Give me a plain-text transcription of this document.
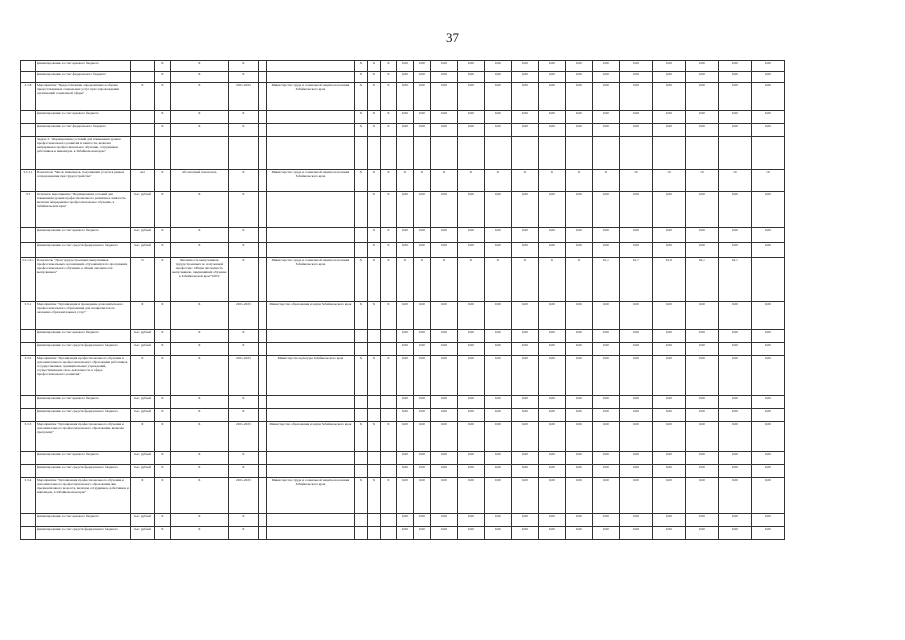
37
	финансирование за счет краевого бюджета		X	X	X			X	X	X	0,00	0,00	0,00	0,00	0,00	0,00	0,00	0,00	0,00	0,00	0,00	0,00	0,00	0,00
	финансирование за счет федерального бюджета		X	X	X			X	X	X	0,00	0,00	0,00	0,00	0,00	0,00	0,00	0,00	0,00	0,00	0,00	0,00	0,00	0,00
2.1.8	Мероприятие "Предоставление определенных и обычно предоставляемых социальных услуг при сопровождении организаций социальной сферы"	X	X	X	2021-2023		Министерство труда и социальной защиты населения Забайкальского края	X	X	X	0,00	0,00	0,00	0,00	0,00	0,00	0,00	0,00	0,00	0,00	0,00	0,00	0,00	0,00
	финансирование за счет краевого бюджета		X	X	X			X	X	X	0,00	0,00	0,00	0,00	0,00	0,00	0,00	0,00	0,00	0,00	0,00	0,00	0,00	0,00
	финансирование за счет федерального бюджета		X	X	X			X	X	X	0,00	0,00	0,00	0,00	0,00	0,00	0,00	0,00	0,00	0,00	0,00	0,00	0,00	0,00
	Задача 3. "Формирование условий для повышения уровня профессионального развития и занятости, включая непрерывное профессиональное обучение, сотрудников, работников и инвалидов, в Забайкальском крае"																							
3.3.1.1	Показатель "Число инвалидов, получивших услуги в рамках сопровождения при трудоустройстве"	чел	Х	абсолютный показатель	X		Министерство труда и социальной защиты населения Забайкальского края	X	X	X	X	X	X	X	X	X	X	X	X	10	10	10	10	10
3.3	Основное мероприятие "Формирование условий для повышения уровня профессионального развития и занятости, включая непрерывное профессиональное обучение, в Забайкальском крае"	тыс. рублей	X	X	X				X	X	0,00	0,00	0,00	0,00	0,00	0,00	0,00	0,00	0,00	0,00	0,00	0,00	0,00	0,00
	финансирование за счет краевого бюджета	тыс. рублей	X	X	X				X	X	0,00	0,00	0,00	0,00	0,00	0,00	0,00	0,00	0,00	0,00	0,00	0,00	0,00	0,00
	финансирование за счет средств федерального бюджета	тыс. рублей	X	X	X				X	X	0,00	0,00	0,00	0,00	0,00	0,00	0,00	0,00	0,00	0,00	0,00	0,00	0,00	0,00
3.3.1.0.1	Показатель "Доля трудоустроенных выпускников профессиональных организаций, обучавшихся по программам профессионального обучения, в общей численности выпускников"	%	X	Численность выпускников, трудоустроенных по полученной профессии / Общая численность выпускников, завершивших обучение в Забайкальском крае*100%	X		Министерство труда и социальной защиты населения Забайкальского края	X	X	X	X	X	X	X	X	X	X	X	61,1	61,7	61,9	62,1	62,1	
3.3.1	Мероприятие "Организация и проведение дополнительного профессионального образования для специалистов по оказанию образовательных услуг"	X	X	X	2021-2023		Министерство образования и науки Забайкальского края	X	X	X	0,00	0,00	0,00	0,00	0,00	0,00	0,00	0,00	0,00	0,00	0,00	0,00	0,00	0,00
	финансирование за счет краевого бюджета	тыс. рублей	X	X	X						0,00	0,00	0,00	0,00	0,00	0,00	0,00	0,00	0,00	0,00	0,00	0,00	0,00	0,00
	финансирование за счет средств федерального бюджета	тыс. рублей	X	X	X						0,00	0,00	0,00	0,00	0,00	0,00	0,00	0,00	0,00	0,00	0,00	0,00	0,00	0,00
3.3.2	Мероприятие "Организация профессионального обучения и дополнительного профессионального образования работников государственных, муниципальных учреждений, осуществляющих свою деятельность в сфере профессионального развития"	X	X	X	2021-2023		Министерство культуры Забайкальского края	X	X	X	0,00	0,00	0,00	0,00	0,00	0,00	0,00	0,00	0,00	0,00	0,00	0,00	0,00	0,00
	финансирование за счет краевого бюджета	тыс. рублей	X	X	X						0,00	0,00	0,00	0,00	0,00	0,00	0,00	0,00	0,00	0,00	0,00	0,00	0,00	0,00
	финансирование за счет средств федерального бюджета	тыс. рублей	X	X	X						0,00	0,00	0,00	0,00	0,00	0,00	0,00	0,00	0,00	0,00	0,00	0,00	0,00	0,00
3.3.3	Мероприятие "Организация профессионального обучения и дополнительного профессионального образования, включая программу"	X	X	X	2021-2023		Министерство образования и науки Забайкальского края	X	X	X	0,00	0,00	0,00	0,00	0,00	0,00	0,00	0,00	0,00	0,00	0,00	0,00	0,00	0,00
	финансирование за счет краевого бюджета	тыс. рублей	X	X	X						0,00	0,00	0,00	0,00	0,00	0,00	0,00	0,00	0,00	0,00	0,00	0,00	0,00	0,00
	финансирование за счет средств федерального бюджета	тыс. рублей	X	X	X						0,00	0,00	0,00	0,00	0,00	0,00	0,00	0,00	0,00	0,00	0,00	0,00	0,00	0,00
3.3.4	Мероприятие "Организация профессионального обучения и дополнительного профессионального образования лиц предпенсионного возраста, включая сотрудников, работников и инвалидов, в Забайкальском крае"	X	X	X	2021-2023		Министерство труда и социальной защиты населения Забайкальского края	X	X	X	0,00	0,00	0,00	0,00	0,00	0,00	0,00	0,00	0,00	0,00	0,00	0,00	0,00	0,00
	финансирование за счет краевого бюджета	тыс. рублей	X	X	X						0,00	0,00	0,00	0,00	0,00	0,00	0,00	0,00	0,00	0,00	0,00	0,00	0,00	0,00
	финансирование за счет средств федерального бюджета	тыс. рублей	X	X	X						0,00	0,00	0,00	0,00	0,00	0,00	0,00	0,00	0,00	0,00	0,00	0,00	0,00	0,00
